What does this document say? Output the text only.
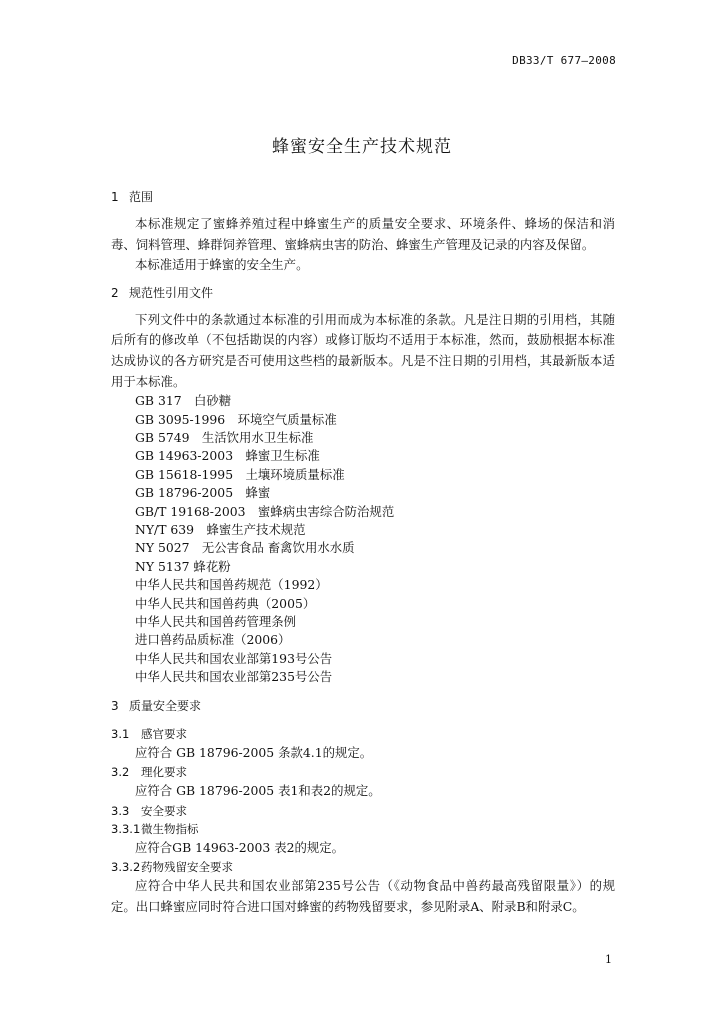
DB33/T 677—2008
蜂蜜安全生产技术规范

1 范围

本标准规定了蜜蜂养殖过程中蜂蜜生产的质量安全要求、环境条件、蜂场的保洁和消毒、饲料管理、蜂群饲养管理、蜜蜂病虫害的防治、蜂蜜生产管理及记录的内容及保留。

本标准适用于蜂蜜的安全生产。

2 规范性引用文件

下列文件中的条款通过本标准的引用而成为本标准的条款。凡是注日期的引用档，其随后所有的修改单（不包括勘误的内容）或修订版均不适用于本标准，然而，鼓励根据本标准达成协议的各方研究是否可使用这些档的最新版本。凡是不注日期的引用档，其最新版本适用于本标准。

GB 317　白砂糖

GB 3095-1996　环境空气质量标准

GB 5749　生活饮用水卫生标准

GB 14963-2003　蜂蜜卫生标准

GB 15618-1995　土壤环境质量标准

GB 18796-2005　蜂蜜

GB/T 19168-2003　蜜蜂病虫害综合防治规范

NY/T 639　蜂蜜生产技术规范

NY 5027　无公害食品 畜禽饮用水水质

NY 5137 蜂花粉

中华人民共和国兽药规范（1992）

中华人民共和国兽药典（2005）

中华人民共和国兽药管理条例

进口兽药品质标准（2006）

中华人民共和国农业部第193号公告

中华人民共和国农业部第235号公告

3 质量安全要求

3.1 感官要求

应符合 GB 18796-2005 条款4.1的规定。

3.2 理化要求

应符合 GB 18796-2005 表1和表2的规定。

3.3 安全要求

3.3.1微生物指标

应符合GB 14963-2003 表2的规定。

3.3.2药物残留安全要求

应符合中华人民共和国农业部第235号公告（《动物食品中兽药最高残留限量》）的规定。出口蜂蜜应同时符合进口国对蜂蜜的药物残留要求，参见附录A、附录B和附录C。

1
